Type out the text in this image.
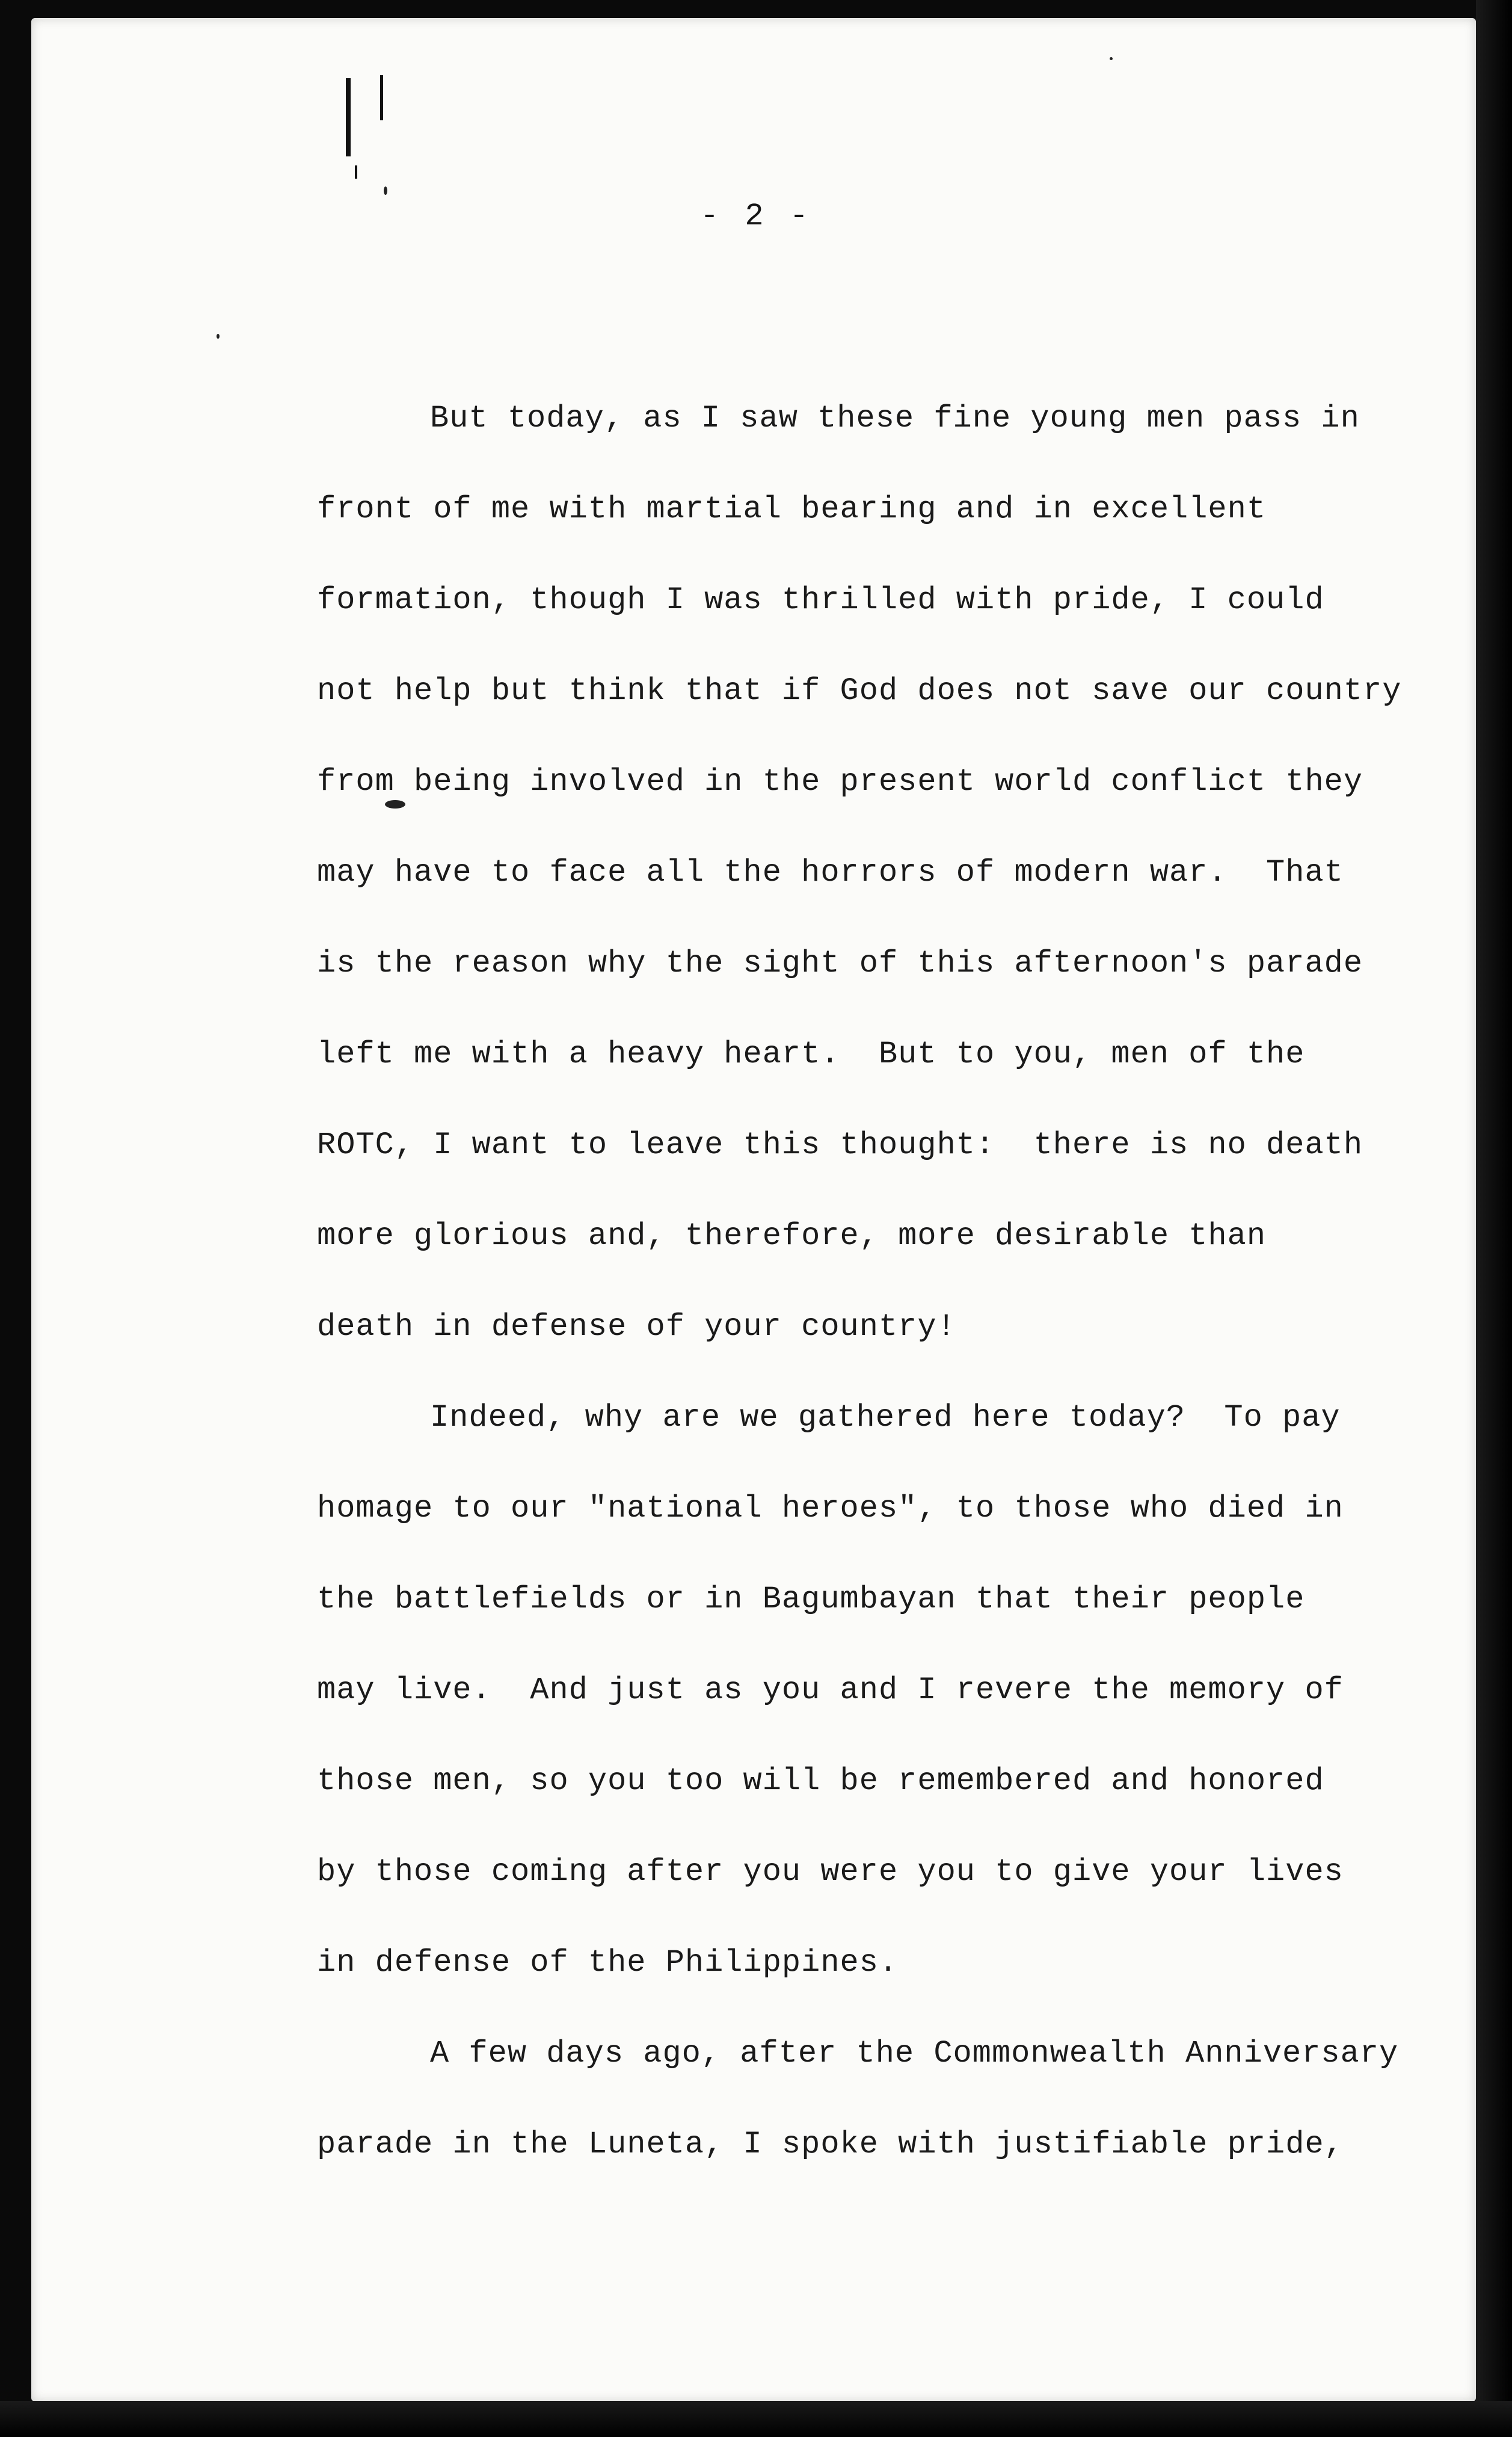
- 2 -
But today, as I saw these fine young men pass in
front of me with martial bearing and in excellent
formation, though I was thrilled with pride, I could
not help but think that if God does not save our country
from being involved in the present world conflict they
may have to face all the horrors of modern war.  That
is the reason why the sight of this afternoon's parade
left me with a heavy heart.  But to you, men of the
ROTC, I want to leave this thought:  there is no death
more glorious and, therefore, more desirable than
death in defense of your country!
Indeed, why are we gathered here today?  To pay
homage to our "national heroes", to those who died in
the battlefields or in Bagumbayan that their people
may live.  And just as you and I revere the memory of
those men, so you too will be remembered and honored
by those coming after you were you to give your lives
in defense of the Philippines.
A few days ago, after the Commonwealth Anniversary
parade in the Luneta, I spoke with justifiable pride,
